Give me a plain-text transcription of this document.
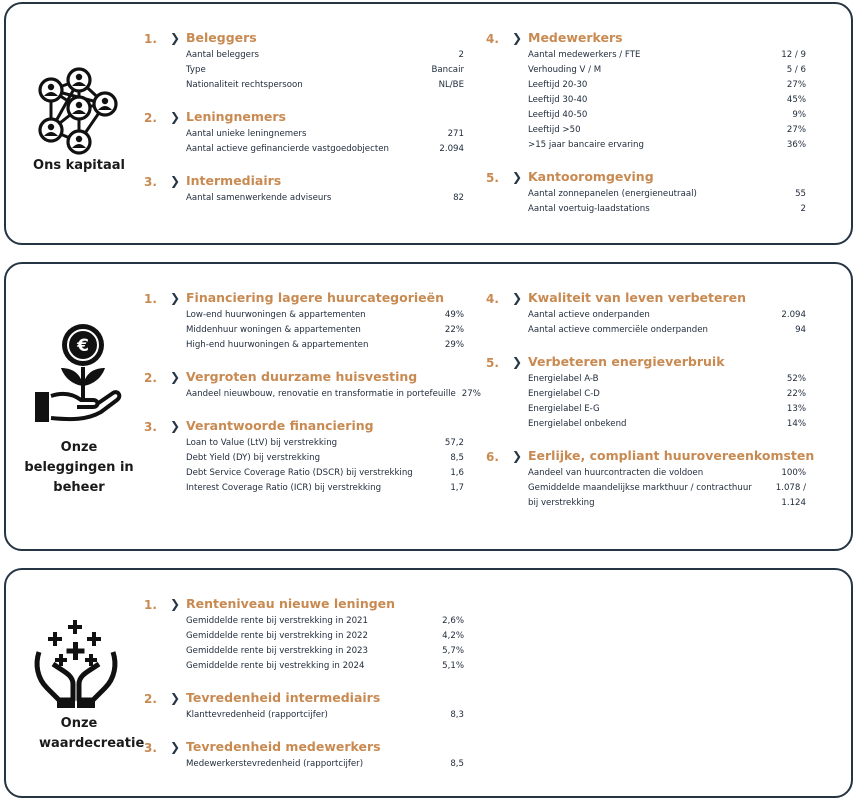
Ons kapitaal
1. ❯ Beleggers
Aantal beleggers	2
Type	Bancair
Nationaliteit rechtspersoon	NL/BE
2. ❯ Leningnemers
Aantal unieke leningnemers	271
Aantal actieve gefinancierde vastgoedobjecten	2.094
3. ❯ Intermediairs
Aantal samenwerkende adviseurs	82
4. ❯ Medewerkers
Aantal medewerkers / FTE	12 / 9
Verhouding V / M	5 / 6
Leeftijd 20-30	27%
Leeftijd 30-40	45%
Leeftijd 40-50	9%
Leeftijd >50	27%
>15 jaar bancaire ervaring	36%
5. ❯ Kantooromgeving
Aantal zonnepanelen (energieneutraal)	55
Aantal voertuig-laadstations	2
€
Onze beleggingen in beheer
1. ❯ Financiering lagere huurcategorieën
Low-end huurwoningen & appartementen	49%
Middenhuur woningen & appartementen	22%
High-end huurwoningen & appartementen	29%
2. ❯ Vergroten duurzame huisvesting
Aandeel nieuwbouw, renovatie en transformatie in portefeuille 27%
3. ❯ Verantwoorde financiering
Loan to Value (LtV) bij verstrekking	57,2
Debt Yield (DY) bij verstrekking	8,5
Debt Service Coverage Ratio (DSCR) bij verstrekking	1,6
Interest Coverage Ratio (ICR) bij verstrekking	1,7
4. ❯ Kwaliteit van leven verbeteren
Aantal actieve onderpanden	2.094
Aantal actieve commerciële onderpanden	94
5. ❯ Verbeteren energieverbruik
Energielabel A-B	52%
Energielabel C-D	22%
Energielabel E-G	13%
Energielabel onbekend	14%
6. ❯ Eerlijke, compliant huurovereenkomsten
Aandeel van huurcontracten die voldoen	100%
Gemiddelde maandelijkse markthuur / contracthuur bij verstrekking
1.078 / 1.124
Onze waardecreatie
1. ❯ Renteniveau nieuwe leningen
Gemiddelde rente bij verstrekking in 2021	2,6%
Gemiddelde rente bij verstrekking in 2022	4,2%
Gemiddelde rente bij verstrekking in 2023	5,7%
Gemiddelde rente bij vestrekking in 2024	5,1%
2. ❯ Tevredenheid intermediairs
Klanttevredenheid (rapportcijfer)	8,3
3. ❯ Tevredenheid medewerkers
Medewerkerstevredenheid (rapportcijfer)	8,5
